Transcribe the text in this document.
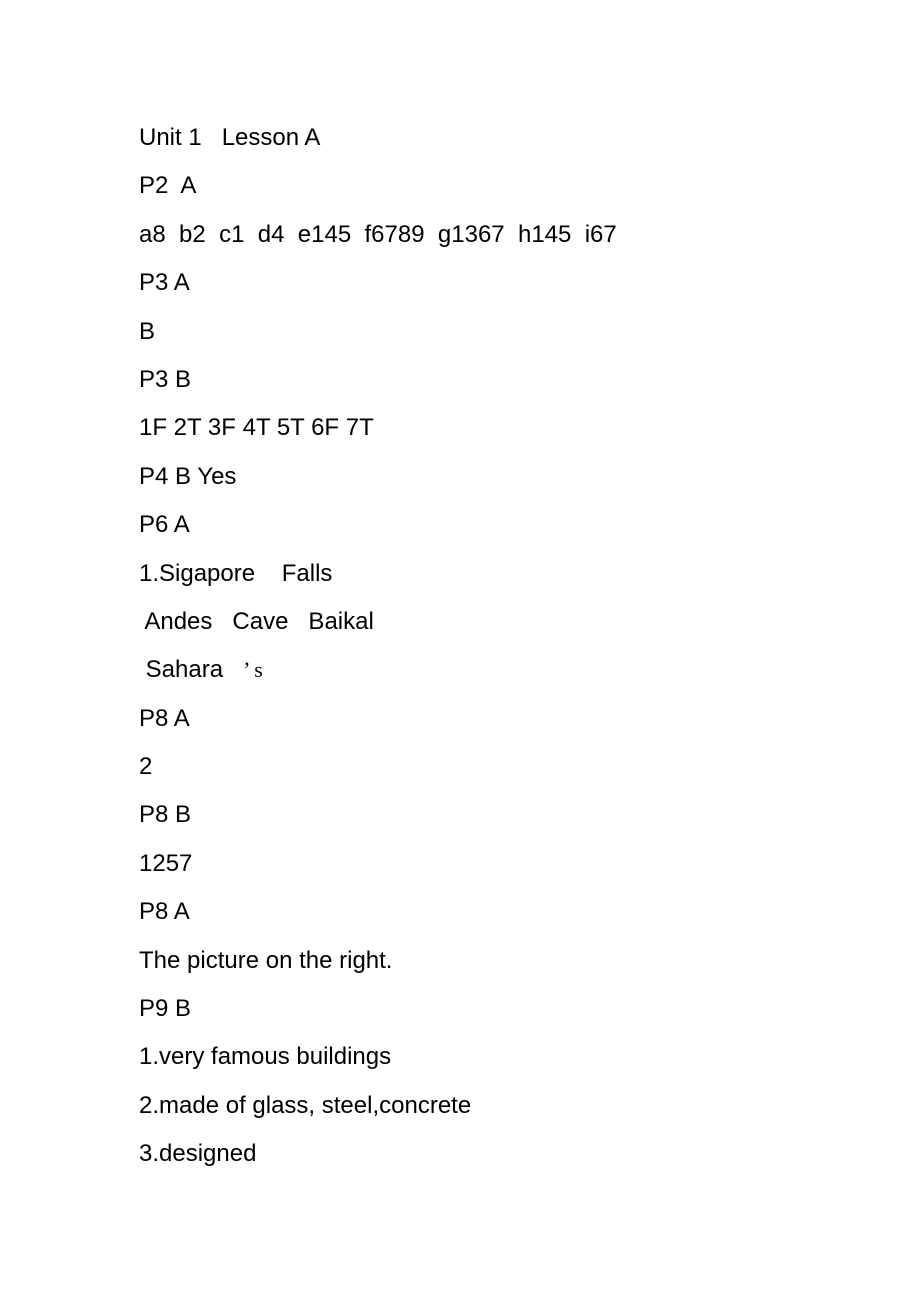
Unit 1   Lesson A
P2  A
a8  b2  c1  d4  e145  f6789  g1367  h145  i67
P3 A
B
P3 B
1F 2T 3F 4T 5T 6F 7T
P4 B Yes
P6 A
1.Sigapore    Falls
Andes   Cave   Baikal
Sahara   ’ s
P8 A
2
P8 B
1257
P8 A
The picture on the right.
P9 B
1.very famous buildings
2.made of glass, steel,concrete
3.designed
